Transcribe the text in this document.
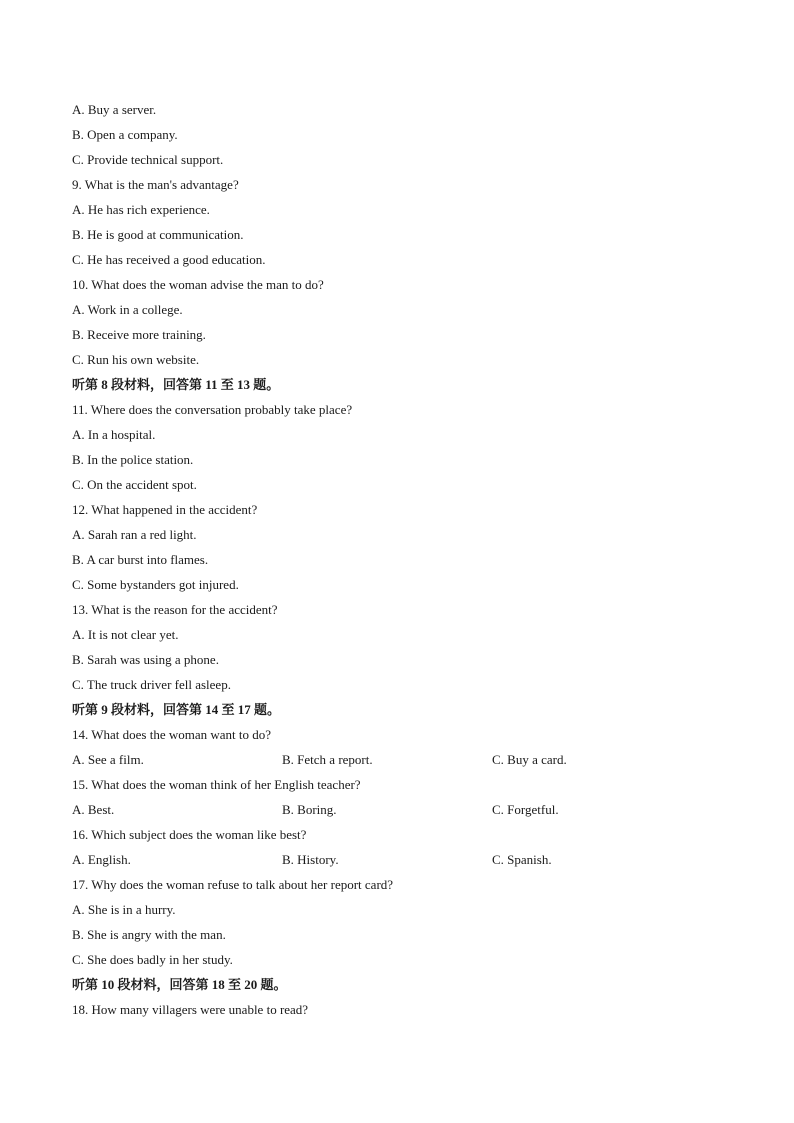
A. Buy a server.
B. Open a company.
C. Provide technical support.
9. What is the man's advantage?
A. He has rich experience.
B. He is good at communication.
C. He has received a good education.
10. What does the woman advise the man to do?
A. Work in a college.
B. Receive more training.
C. Run his own website.
听第 8 段材料，回答第 11 至 13 题。
11. Where does the conversation probably take place?
A. In a hospital.
B. In the police station.
C. On the accident spot.
12. What happened in the accident?
A. Sarah ran a red light.
B. A car burst into flames.
C. Some bystanders got injured.
13. What is the reason for the accident?
A. It is not clear yet.
B. Sarah was using a phone.
C. The truck driver fell asleep.
听第 9 段材料，回答第 14 至 17 题。
14. What does the woman want to do?
A. See a film.	B. Fetch a report.	C. Buy a card.
15. What does the woman think of her English teacher?
A. Best.	B. Boring.	C. Forgetful.
16. Which subject does the woman like best?
A. English.	B. History.	C. Spanish.
17. Why does the woman refuse to talk about her report card?
A. She is in a hurry.
B. She is angry with the man.
C. She does badly in her study.
听第 10 段材料，回答第 18 至 20 题。
18. How many villagers were unable to read?
